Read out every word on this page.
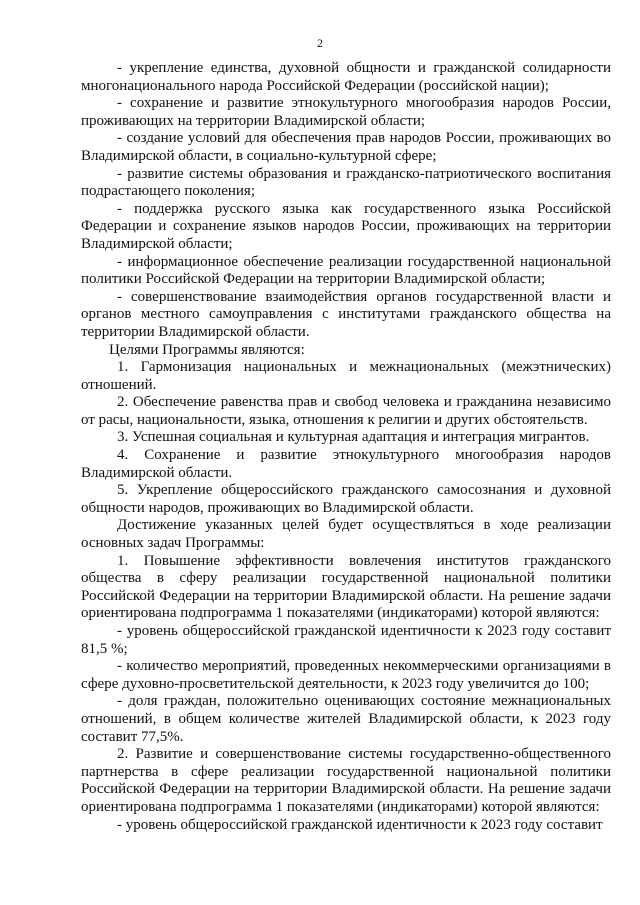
2

- укрепление единства, духовной общности и гражданской солидарности многонационального народа Российской Федерации (российской нации);

- сохранение и развитие этнокультурного многообразия народов России, проживающих на территории Владимирской области;

- создание условий для обеспечения прав народов России, проживающих во Владимирской области, в социально-культурной сфере;

- развитие системы образования и гражданско-патриотического воспитания подрастающего поколения;

- поддержка русского языка как государственного языка Российской Федерации и сохранение языков народов России, проживающих на территории Владимирской области;

- информационное обеспечение реализации государственной национальной политики Российской Федерации на территории Владимирской области;

- совершенствование взаимодействия органов государственной власти и органов местного самоуправления с институтами гражданского общества на территории Владимирской области.

Целями Программы являются:

1. Гармонизация национальных и межнациональных (межэтнических) отношений.

2. Обеспечение равенства прав и свобод человека и гражданина независимо от расы, национальности, языка, отношения к религии и других обстоятельств.

3. Успешная социальная и культурная адаптация и интеграция мигрантов.

4. Сохранение и развитие этнокультурного многообразия народов Владимирской области.

5. Укрепление общероссийского гражданского самосознания и духовной общности народов, проживающих во Владимирской области.

Достижение указанных целей будет осуществляться в ходе реализации основных задач Программы:

1. Повышение эффективности вовлечения институтов гражданского общества в сферу реализации государственной национальной политики Российской Федерации на территории Владимирской области. На решение задачи ориентирована подпрограмма 1 показателями (индикаторами) которой являются:

- уровень общероссийской гражданской идентичности к 2023 году составит 81,5 %;

- количество мероприятий, проведенных некоммерческими организациями в сфере духовно-просветительской деятельности, к 2023 году увеличится до 100;

- доля граждан, положительно оценивающих состояние межнациональных отношений, в общем количестве жителей Владимирской области, к 2023 году составит 77,5%.

2. Развитие и совершенствование системы государственно-общественного партнерства в сфере реализации государственной национальной политики Российской Федерации на территории Владимирской области. На решение задачи ориентирована подпрограмма 1 показателями (индикаторами) которой являются:

- уровень общероссийской гражданской идентичности к 2023 году составит
